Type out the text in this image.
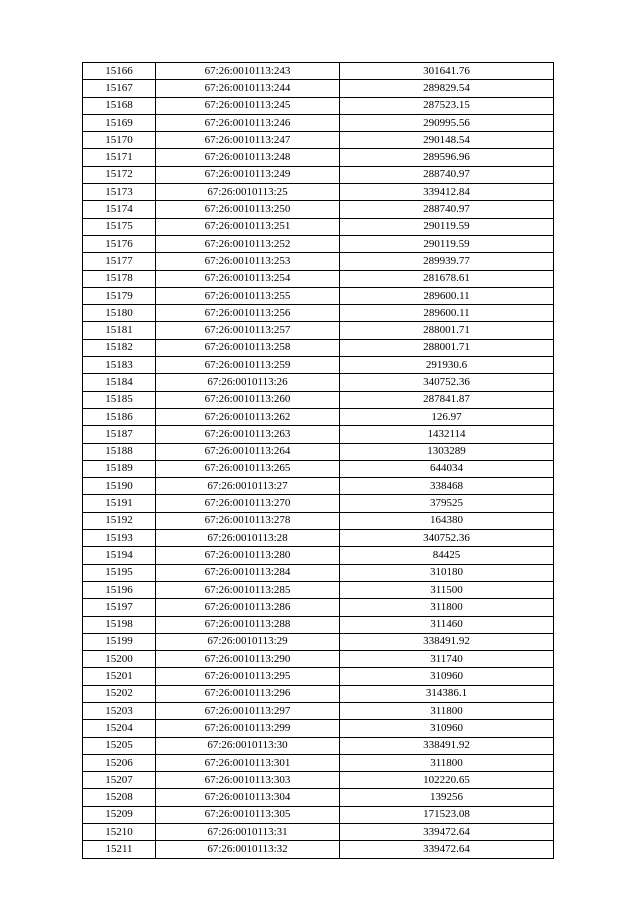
15166	67:26:0010113:243	301641.76
15167	67:26:0010113:244	289829.54
15168	67:26:0010113:245	287523.15
15169	67:26:0010113:246	290995.56
15170	67:26:0010113:247	290148.54
15171	67:26:0010113:248	289596.96
15172	67:26:0010113:249	288740.97
15173	67:26:0010113:25	339412.84
15174	67:26:0010113:250	288740.97
15175	67:26:0010113:251	290119.59
15176	67:26:0010113:252	290119.59
15177	67:26:0010113:253	289939.77
15178	67:26:0010113:254	281678.61
15179	67:26:0010113:255	289600.11
15180	67:26:0010113:256	289600.11
15181	67:26:0010113:257	288001.71
15182	67:26:0010113:258	288001.71
15183	67:26:0010113:259	291930.6
15184	67:26:0010113:26	340752.36
15185	67:26:0010113:260	287841.87
15186	67:26:0010113:262	126.97
15187	67:26:0010113:263	1432114
15188	67:26:0010113:264	1303289
15189	67:26:0010113:265	644034
15190	67:26:0010113:27	338468
15191	67:26:0010113:270	379525
15192	67:26:0010113:278	164380
15193	67:26:0010113:28	340752.36
15194	67:26:0010113:280	84425
15195	67:26:0010113:284	310180
15196	67:26:0010113:285	311500
15197	67:26:0010113:286	311800
15198	67:26:0010113:288	311460
15199	67:26:0010113:29	338491.92
15200	67:26:0010113:290	311740
15201	67:26:0010113:295	310960
15202	67:26:0010113:296	314386.1
15203	67:26:0010113:297	311800
15204	67:26:0010113:299	310960
15205	67:26:0010113:30	338491.92
15206	67:26:0010113:301	311800
15207	67:26:0010113:303	102220.65
15208	67:26:0010113:304	139256
15209	67:26:0010113:305	171523.08
15210	67:26:0010113:31	339472.64
15211	67:26:0010113:32	339472.64
